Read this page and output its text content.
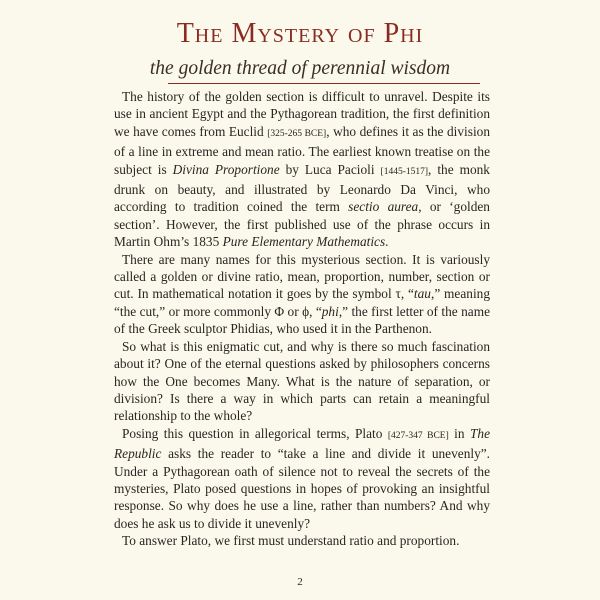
The Mystery of Phi
the golden thread of perennial wisdom

The history of the golden section is difficult to unravel. Despite its use in ancient Egypt and the Pythagorean tradition, the first definition we have comes from Euclid [325-265 BCE], who defines it as the division of a line in extreme and mean ratio. The earliest known treatise on the subject is Divina Proportione by Luca Pacioli [1445-1517], the monk drunk on beauty, and illustrated by Leonardo Da Vinci, who according to tradition coined the term sectio aurea, or ‘golden section’. However, the first published use of the phrase occurs in Martin Ohm’s 1835 Pure Elementary Mathematics.

There are many names for this mysterious section. It is variously called a golden or divine ratio, mean, proportion, number, section or cut. In mathematical notation it goes by the symbol τ, “tau,” meaning “the cut,” or more commonly Φ or ϕ, “phi,” the first letter of the name of the Greek sculptor Phidias, who used it in the Parthenon.

So what is this enigmatic cut, and why is there so much fascination about it? One of the eternal questions asked by philosophers concerns how the One becomes Many. What is the nature of separation, or division? Is there a way in which parts can retain a meaningful relationship to the whole?

Posing this question in allegorical terms, Plato [427-347 BCE] in The Republic asks the reader to “take a line and divide it unevenly”. Under a Pythagorean oath of silence not to reveal the secrets of the mysteries, Plato posed questions in hopes of provoking an insightful response. So why does he use a line, rather than numbers? And why does he ask us to divide it unevenly?

To answer Plato, we first must understand ratio and proportion.

2
